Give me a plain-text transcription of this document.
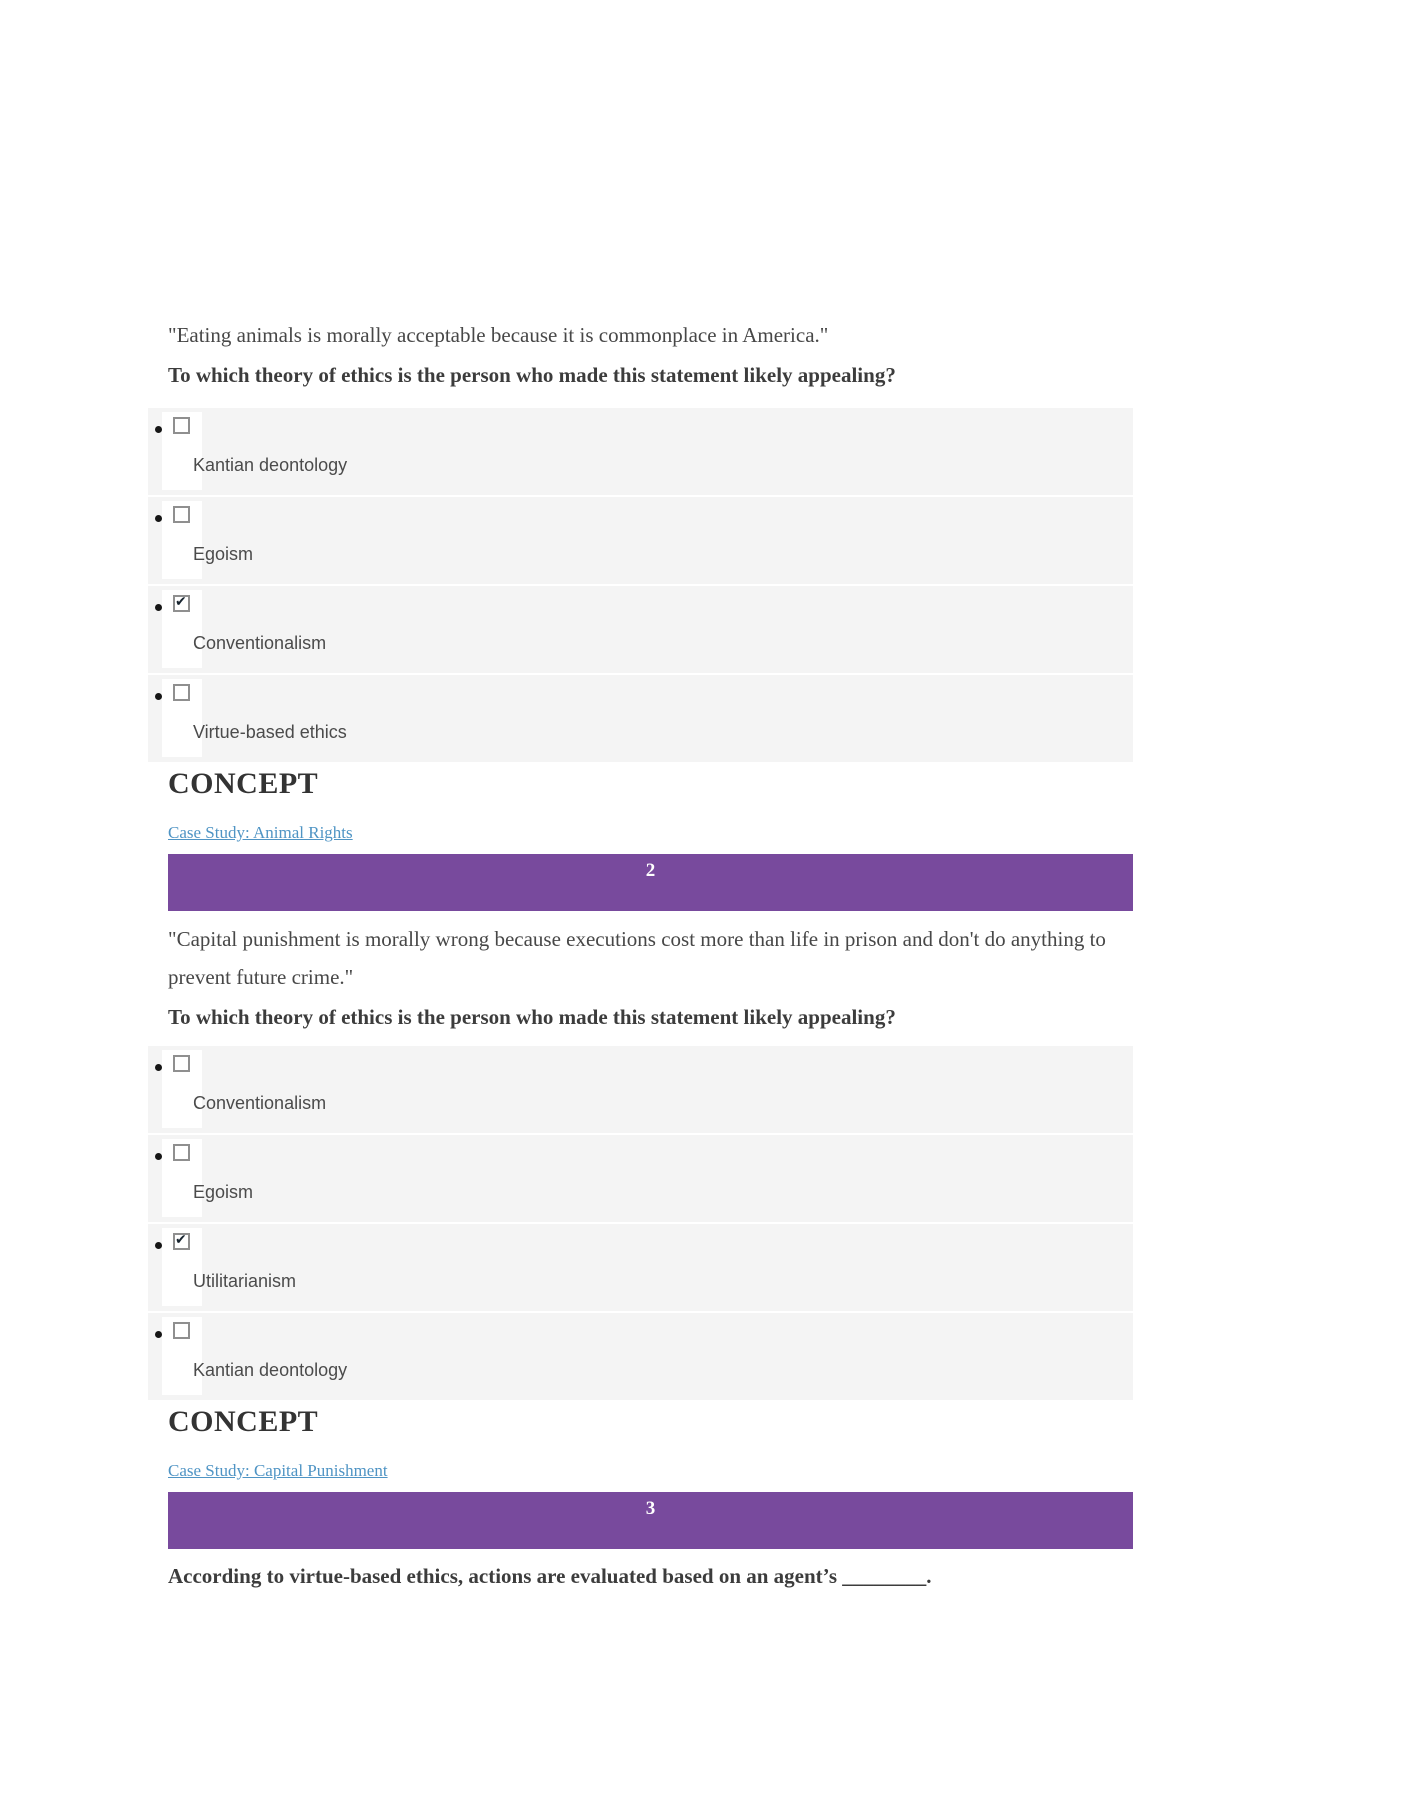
"Eating animals is morally acceptable because it is commonplace in America."
To which theory of ethics is the person who made this statement likely appealing?
Kantian deontology
Egoism
✔
Conventionalism
Virtue-based ethics
CONCEPT
Case Study: Animal Rights
2
"Capital punishment is morally wrong because executions cost more than life in prison and don't do anything to prevent future crime."
To which theory of ethics is the person who made this statement likely appealing?
Conventionalism
Egoism
✔
Utilitarianism
Kantian deontology
CONCEPT
Case Study: Capital Punishment
3
According to virtue-based ethics, actions are evaluated based on an agent’s ________.
